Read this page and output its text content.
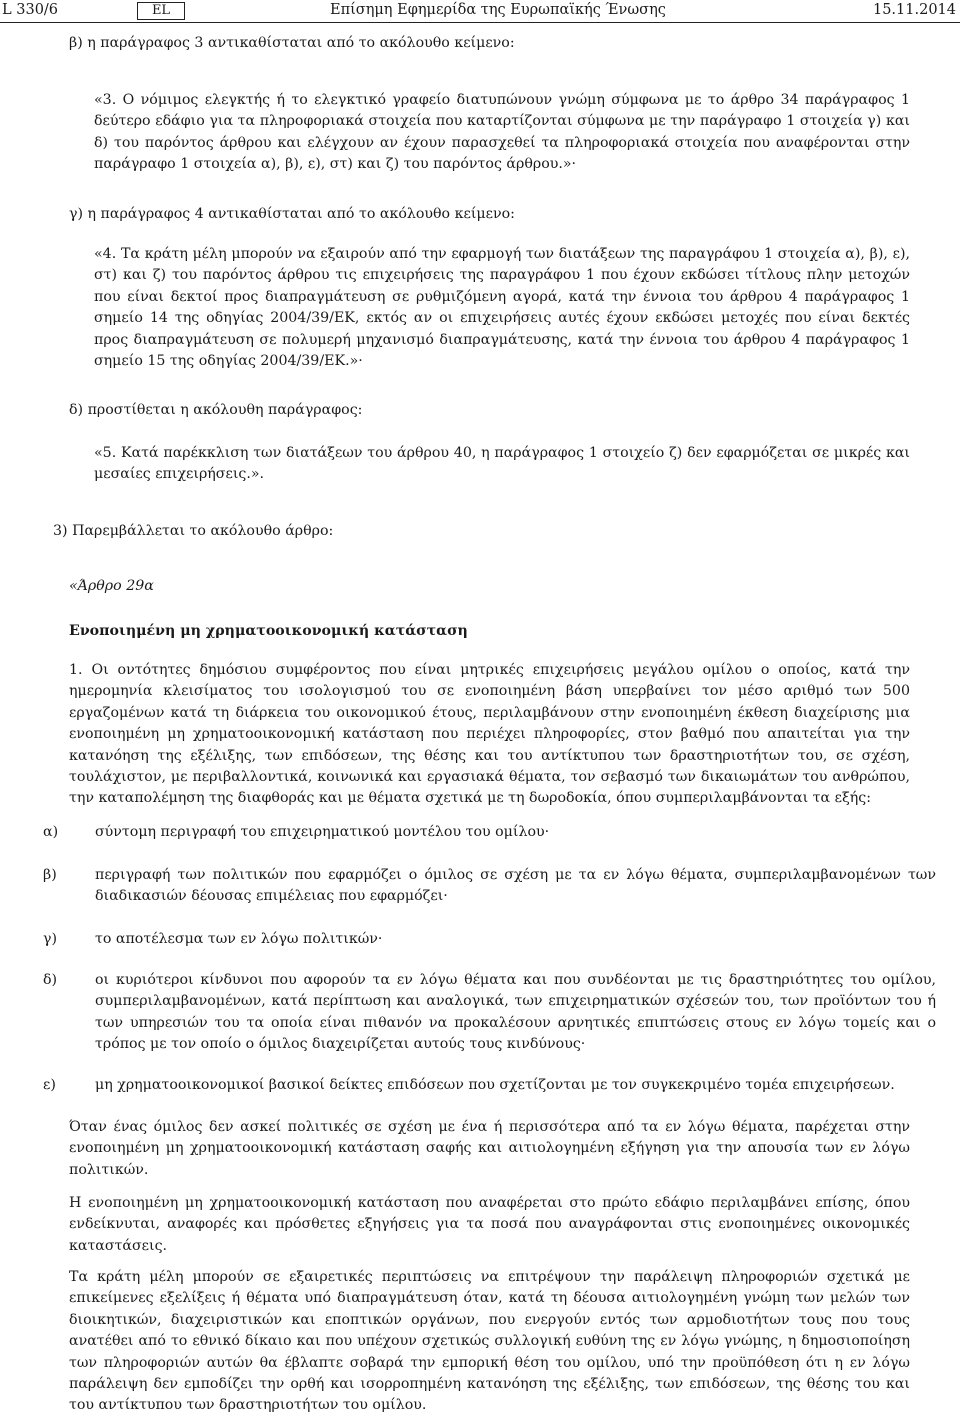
L 330/6	EL	Επίσημη Εφημερίδα της Ευρωπαϊκής Ένωσης	15.11.2014

β) η παράγραφος 3 αντικαθίσταται από το ακόλουθο κείμενο:

«3. Ο νόμιμος ελεγκτής ή το ελεγκτικό γραφείο διατυπώνουν γνώμη σύμφωνα με το άρθρο 34 παράγραφος 1 δεύτερο εδάφιο για τα πληροφοριακά στοιχεία που καταρτίζονται σύμφωνα με την παράγραφο 1 στοιχεία γ) και δ) του παρόντος άρθρου και ελέγχουν αν έχουν παρασχεθεί τα πληροφοριακά στοιχεία που αναφέρονται στην παράγραφο 1 στοιχεία α), β), ε), στ) και ζ) του παρόντος άρθρου.»·

γ) η παράγραφος 4 αντικαθίσταται από το ακόλουθο κείμενο:

«4. Τα κράτη μέλη μπορούν να εξαιρούν από την εφαρμογή των διατάξεων της παραγράφου 1 στοιχεία α), β), ε), στ) και ζ) του παρόντος άρθρου τις επιχειρήσεις της παραγράφου 1 που έχουν εκδώσει τίτλους πλην μετοχών που είναι δεκτοί προς διαπραγμάτευση σε ρυθμιζόμενη αγορά, κατά την έννοια του άρθρου 4 παράγραφος 1 σημείο 14 της οδηγίας 2004/39/ΕΚ, εκτός αν οι επιχειρήσεις αυτές έχουν εκδώσει μετοχές που είναι δεκτές προς διαπραγμάτευση σε πολυμερή μηχανισμό διαπραγμάτευσης, κατά την έννοια του άρθρου 4 παράγραφος 1 σημείο 15 της οδηγίας 2004/39/ΕΚ.»·

δ) προστίθεται η ακόλουθη παράγραφος:

«5. Κατά παρέκκλιση των διατάξεων του άρθρου 40, η παράγραφος 1 στοιχείο ζ) δεν εφαρμόζεται σε μικρές και μεσαίες επιχειρήσεις.».

3) Παρεμβάλλεται το ακόλουθο άρθρο:

«Άρθρο 29α

Ενοποιημένη μη χρηματοοικονομική κατάσταση

1. Οι οντότητες δημόσιου συμφέροντος που είναι μητρικές επιχειρήσεις μεγάλου ομίλου ο οποίος, κατά την ημερομηνία κλεισίματος του ισολογισμού του σε ενοποιημένη βάση υπερβαίνει τον μέσο αριθμό των 500 εργαζομένων κατά τη διάρκεια του οικονομικού έτους, περιλαμβάνουν στην ενοποιημένη έκθεση διαχείρισης μια ενοποιημένη μη χρηματοοικονομική κατάσταση που περιέχει πληροφορίες, στον βαθμό που απαιτείται για την κατανόηση της εξέλιξης, των επιδόσεων, της θέσης και του αντίκτυπου των δραστηριοτήτων του, σε σχέση, τουλάχιστον, με περιβαλλοντικά, κοινωνικά και εργασιακά θέματα, τον σεβασμό των δικαιωμάτων του ανθρώπου, την καταπολέμηση της διαφθοράς και με θέματα σχετικά με τη δωροδοκία, όπου συμπεριλαμβάνονται τα εξής:

α)	σύντομη περιγραφή του επιχειρηματικού μοντέλου του ομίλου·

β)	περιγραφή των πολιτικών που εφαρμόζει ο όμιλος σε σχέση με τα εν λόγω θέματα, συμπεριλαμβανομένων των διαδικασιών δέουσας επιμέλειας που εφαρμόζει·

γ)	το αποτέλεσμα των εν λόγω πολιτικών·

δ)	οι κυριότεροι κίνδυνοι που αφορούν τα εν λόγω θέματα και που συνδέονται με τις δραστηριότητες του ομίλου, συμπεριλαμβανομένων, κατά περίπτωση και αναλογικά, των επιχειρηματικών σχέσεών του, των προϊόντων του ή των υπηρεσιών του τα οποία είναι πιθανόν να προκαλέσουν αρνητικές επιπτώσεις στους εν λόγω τομείς και ο τρόπος με τον οποίο ο όμιλος διαχειρίζεται αυτούς τους κινδύνους·

ε)	μη χρηματοοικονομικοί βασικοί δείκτες επιδόσεων που σχετίζονται με τον συγκεκριμένο τομέα επιχειρήσεων.

Όταν ένας όμιλος δεν ασκεί πολιτικές σε σχέση με ένα ή περισσότερα από τα εν λόγω θέματα, παρέχεται στην ενοποιημένη μη χρηματοοικονομική κατάσταση σαφής και αιτιολογημένη εξήγηση για την απουσία των εν λόγω πολιτικών.

Η ενοποιημένη μη χρηματοοικονομική κατάσταση που αναφέρεται στο πρώτο εδάφιο περιλαμβάνει επίσης, όπου ενδείκνυται, αναφορές και πρόσθετες εξηγήσεις για τα ποσά που αναγράφονται στις ενοποιημένες οικονομικές καταστάσεις.

Τα κράτη μέλη μπορούν σε εξαιρετικές περιπτώσεις να επιτρέψουν την παράλειψη πληροφοριών σχετικά με επικείμενες εξελίξεις ή θέματα υπό διαπραγμάτευση όταν, κατά τη δέουσα αιτιολογημένη γνώμη των μελών των διοικητικών, διαχειριστικών και εποπτικών οργάνων, που ενεργούν εντός των αρμοδιοτήτων τους που τους ανατέθει από το εθνικό δίκαιο και που υπέχουν σχετικώς συλλογική ευθύνη της εν λόγω γνώμης, η δημοσιοποίηση των πληροφοριών αυτών θα έβλαπτε σοβαρά την εμπορική θέση του ομίλου, υπό την προϋπόθεση ότι η εν λόγω παράλειψη δεν εμποδίζει την ορθή και ισορροπημένη κατανόηση της εξέλιξης, των επιδόσεων, της θέσης του και του αντίκτυπου των δραστηριοτήτων του ομίλου.
